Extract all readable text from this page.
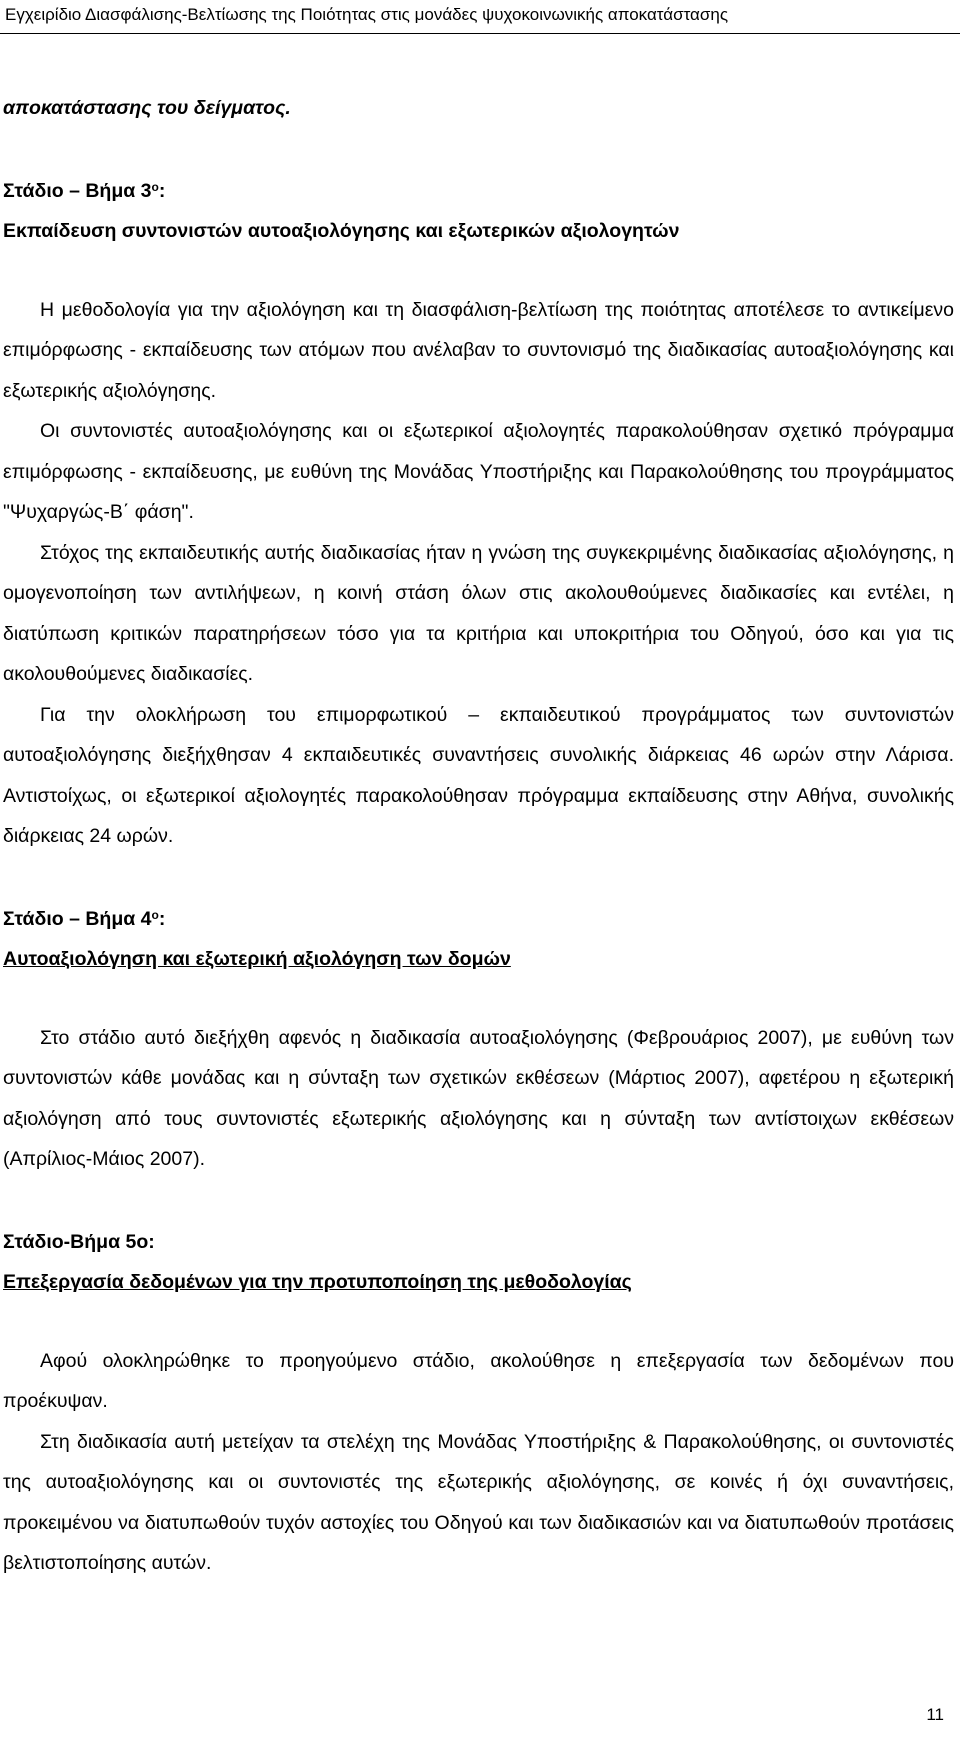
Εγχειρίδιο Διασφάλισης-Βελτίωσης της Ποιότητας στις μονάδες ψυχοκοινωνικής αποκατάστασης
αποκατάστασης του δείγματος.
Στάδιο – Βήμα $3^o$:
Εκπαίδευση συντονιστών αυτοαξιολόγησης και εξωτερικών αξιολογητών

Η μεθοδολογία για την αξιολόγηση και τη διασφάλιση-βελτίωση της ποιότητας αποτέλεσε το αντικείμενο επιμόρφωσης - εκπαίδευσης των ατόμων που ανέλαβαν το συντονισμό της διαδικασίας αυτοαξιολόγησης και εξωτερικής αξιολόγησης.

Οι συντονιστές αυτοαξιολόγησης και οι εξωτερικοί αξιολογητές παρακολούθησαν σχετικό πρόγραμμα επιμόρφωσης - εκπαίδευσης, με ευθύνη της Μονάδας Υποστήριξης και Παρακολούθησης του προγράμματος "Ψυχαργώς-Β΄ φάση".

Στόχος της εκπαιδευτικής αυτής διαδικασίας ήταν η γνώση της συγκεκριμένης διαδικασίας αξιολόγησης, η ομογενοποίηση των αντιλήψεων, η κοινή στάση όλων στις ακολουθούμενες διαδικασίες και εντέλει, η διατύπωση κριτικών παρατηρήσεων τόσο για τα κριτήρια και υποκριτήρια του Οδηγού, όσο και για τις ακολουθούμενες διαδικασίες.

Για την ολοκλήρωση του επιμορφωτικού – εκπαιδευτικού προγράμματος των συντονιστών αυτοαξιολόγησης διεξήχθησαν 4 εκπαιδευτικές συναντήσεις συνολικής διάρκειας 46 ωρών στην Λάρισα. Αντιστοίχως, οι εξωτερικοί αξιολογητές παρακολούθησαν πρόγραμμα εκπαίδευσης στην Αθήνα, συνολικής διάρκειας 24 ωρών.

Στάδιο – Βήμα $4^o$:
Αυτοαξιολόγηση και εξωτερική αξιολόγηση των δομών

Στο στάδιο αυτό διεξήχθη αφενός η διαδικασία αυτοαξιολόγησης (Φεβρουάριος 2007), με ευθύνη των συντονιστών κάθε μονάδας και η σύνταξη των σχετικών εκθέσεων (Μάρτιος 2007), αφετέρου η εξωτερική αξιολόγηση από τους συντονιστές εξωτερικής αξιολόγησης και η σύνταξη των αντίστοιχων εκθέσεων (Απρίλιος-Μάιος 2007).

Στάδιο-Βήμα 5ο:
Επεξεργασία δεδομένων για την προτυποποίηση της μεθοδολογίας

Αφού ολοκληρώθηκε το προηγούμενο στάδιο, ακολούθησε η επεξεργασία των δεδομένων που προέκυψαν.

Στη διαδικασία αυτή μετείχαν τα στελέχη της Μονάδας Υποστήριξης & Παρακολούθησης, οι συντονιστές της αυτοαξιολόγησης και οι συντονιστές της εξωτερικής αξιολόγησης, σε κοινές ή όχι συναντήσεις, προκειμένου να διατυπωθούν τυχόν αστοχίες του Οδηγού και των διαδικασιών και να διατυπωθούν προτάσεις βελτιστοποίησης αυτών.

11
